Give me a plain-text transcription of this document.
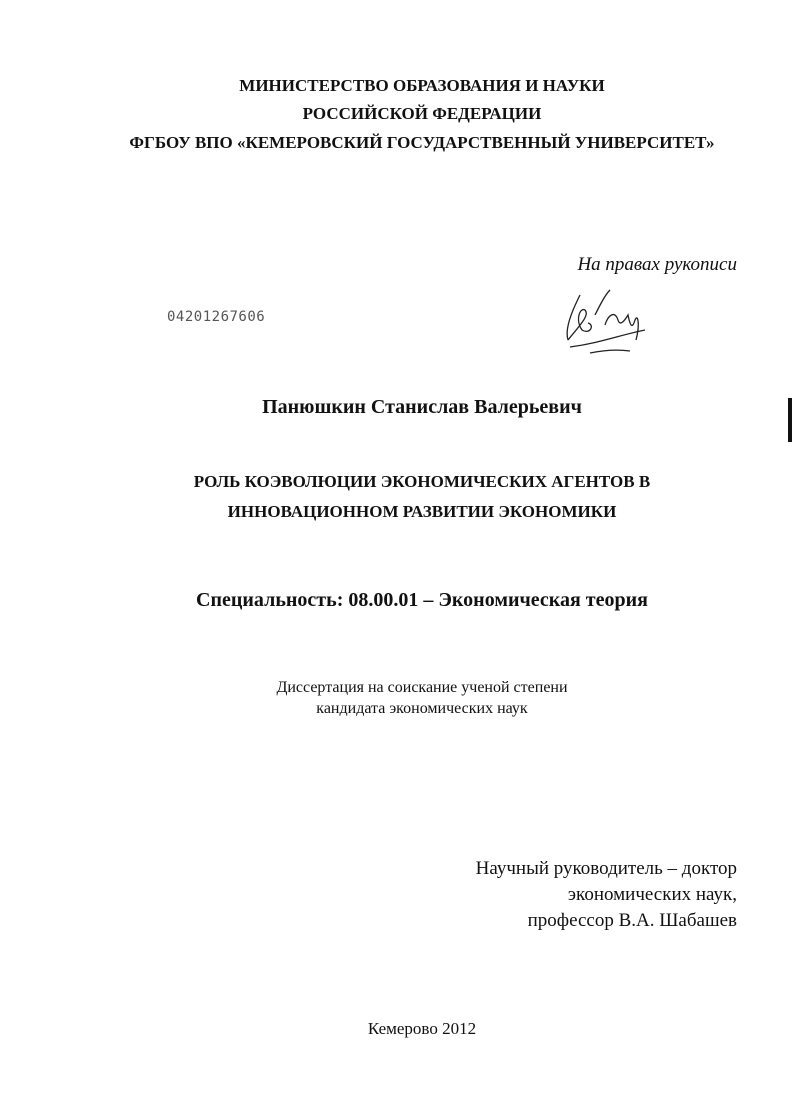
МИНИСТЕРСТВО ОБРАЗОВАНИЯ И НАУКИ
РОССИЙСКОЙ ФЕДЕРАЦИИ
ФГБОУ ВПО «КЕМЕРОВСКИЙ ГОСУДАРСТВЕННЫЙ УНИВЕРСИТЕТ»
На правах рукописи
04201267606
Панюшкин Станислав Валерьевич
РОЛЬ КОЭВОЛЮЦИИ ЭКОНОМИЧЕСКИХ АГЕНТОВ В
ИННОВАЦИОННОМ РАЗВИТИИ ЭКОНОМИКИ
Специальность: 08.00.01 – Экономическая теория
Диссертация на соискание ученой степени
кандидата экономических наук
Научный руководитель – доктор
экономических наук,
профессор В.А. Шабашев
Кемерово 2012
